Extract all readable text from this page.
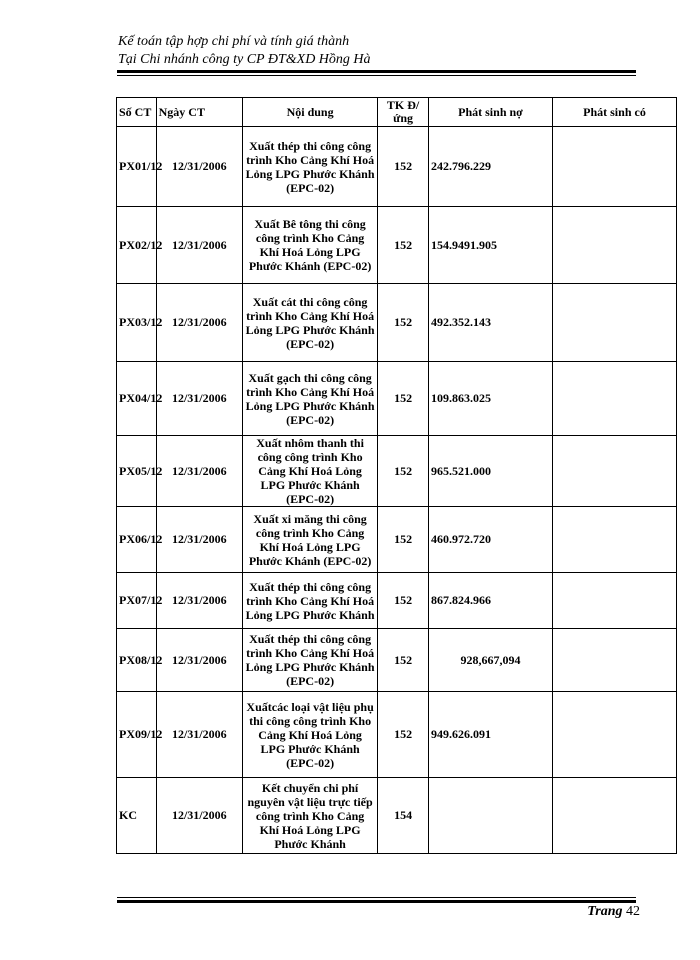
Kế toán tập hợp chi phí và tính giá thành
Tại Chi nhánh công ty CP ĐT&XD Hồng Hà
Số CT	Ngày CT	Nội dung	TK Đ/ứng	Phát sinh nợ	Phát sinh có
PX01/12	12/31/2006	Xuất thép thi công công trình Kho Cảng Khí Hoá Lỏng LPG Phước Khánh (EPC-02)	152	242.796.229	
PX02/12	12/31/2006	Xuất Bê tông thi công công trình Kho Cảng Khí Hoá Lỏng LPG Phước Khánh (EPC-02)	152	154.9491.905	
PX03/12	12/31/2006	Xuất cát thi công công trình Kho Cảng Khí Hoá Lỏng LPG Phước Khánh (EPC-02)	152	492.352.143	
PX04/12	12/31/2006	Xuất gạch thi công công trình Kho Cảng Khí Hoá Lỏng LPG Phước Khánh (EPC-02)	152	109.863.025	
PX05/12	12/31/2006	Xuất nhôm thanh thi công công trình Kho Cảng Khí Hoá Lỏng LPG Phước Khánh (EPC-02)	152	965.521.000	
PX06/12	12/31/2006	Xuất xi măng thi công công trình Kho Cảng Khí Hoá Lỏng LPG Phước Khánh (EPC-02)	152	460.972.720	
PX07/12	12/31/2006	Xuất thép thi công công trình Kho Cảng Khí Hoá Lỏng LPG Phước Khánh	152	867.824.966	
PX08/12	12/31/2006	Xuất thép thi công công trình Kho Cảng Khí Hoá Lỏng LPG Phước Khánh (EPC-02)	152	928,667,094	
PX09/12	12/31/2006	Xuấtcác loại vật liệu phụ thi công công trình Kho Cảng Khí Hoá Lỏng LPG Phước Khánh (EPC-02)	152	949.626.091	
KC	12/31/2006	Kết chuyển chi phí nguyên vật liệu trực tiếp công trình Kho Cảng Khí Hoá Lỏng LPG Phước Khánh	154		
Trang 42
